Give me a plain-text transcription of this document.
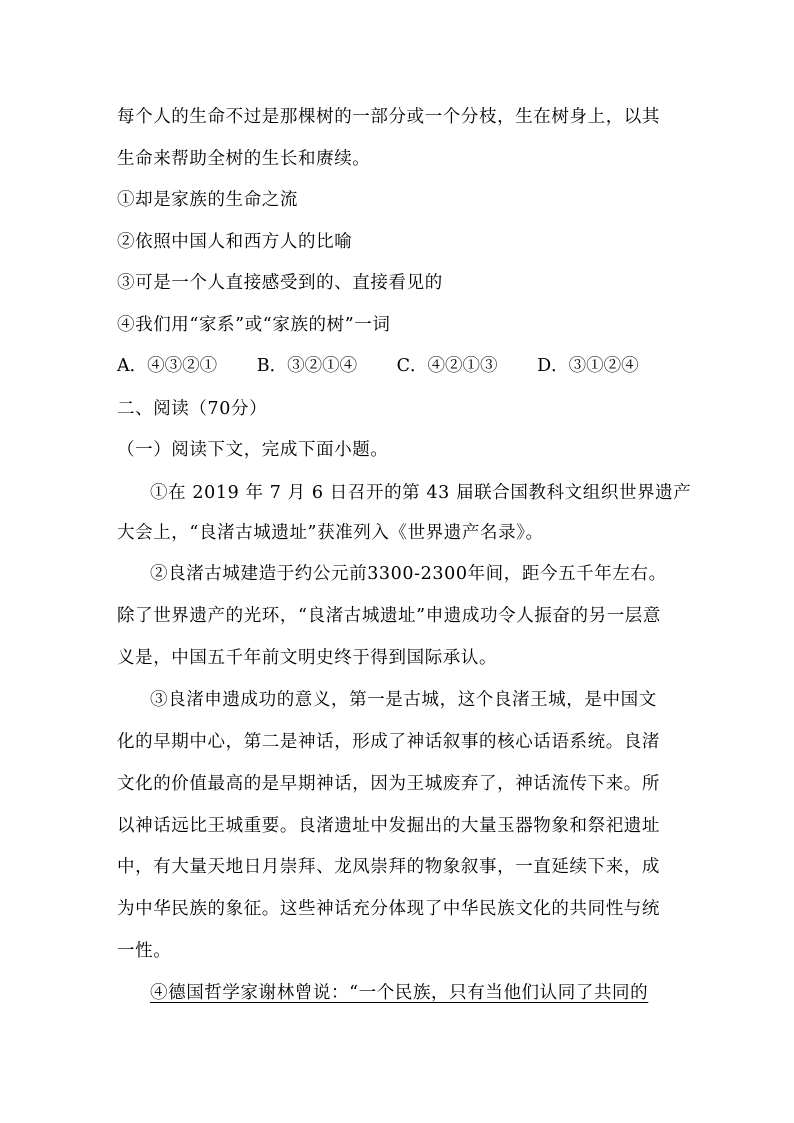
每个人的生命不过是那棵树的一部分或一个分枝，生在树身上，以其
生命来帮助全树的生长和赓续。
①却是家族的生命之流
②依照中国人和西方人的比喻
③可是一个人直接感受到的、直接看见的
④我们用“家系”或“家族的树”一词
A．④③②① B．③②①④ C．④②①③ D．③①②④
二、阅读（70分）
（一）阅读下文，完成下面小题。
①在 2019 年 7 月 6 日召开的第 43 届联合国教科文组织世界遗产
大会上，“良渚古城遗址”获准列入《世界遗产名录》。
②良渚古城建造于约公元前3300-2300年间，距今五千年左右。
除了世界遗产的光环，“良渚古城遗址”申遗成功令人振奋的另一层意
义是，中国五千年前文明史终于得到国际承认。
③良渚申遗成功的意义，第一是古城，这个良渚王城，是中国文
化的早期中心，第二是神话，形成了神话叙事的核心话语系统。良渚
文化的价值最高的是早期神话，因为王城废弃了，神话流传下来。所
以神话远比王城重要。良渚遗址中发掘出的大量玉器物象和祭祀遗址
中，有大量天地日月崇拜、龙凤崇拜的物象叙事，一直延续下来，成
为中华民族的象征。这些神话充分体现了中华民族文化的共同性与统
一性。
④德国哲学家谢林曾说：“一个民族，只有当他们认同了共同的
